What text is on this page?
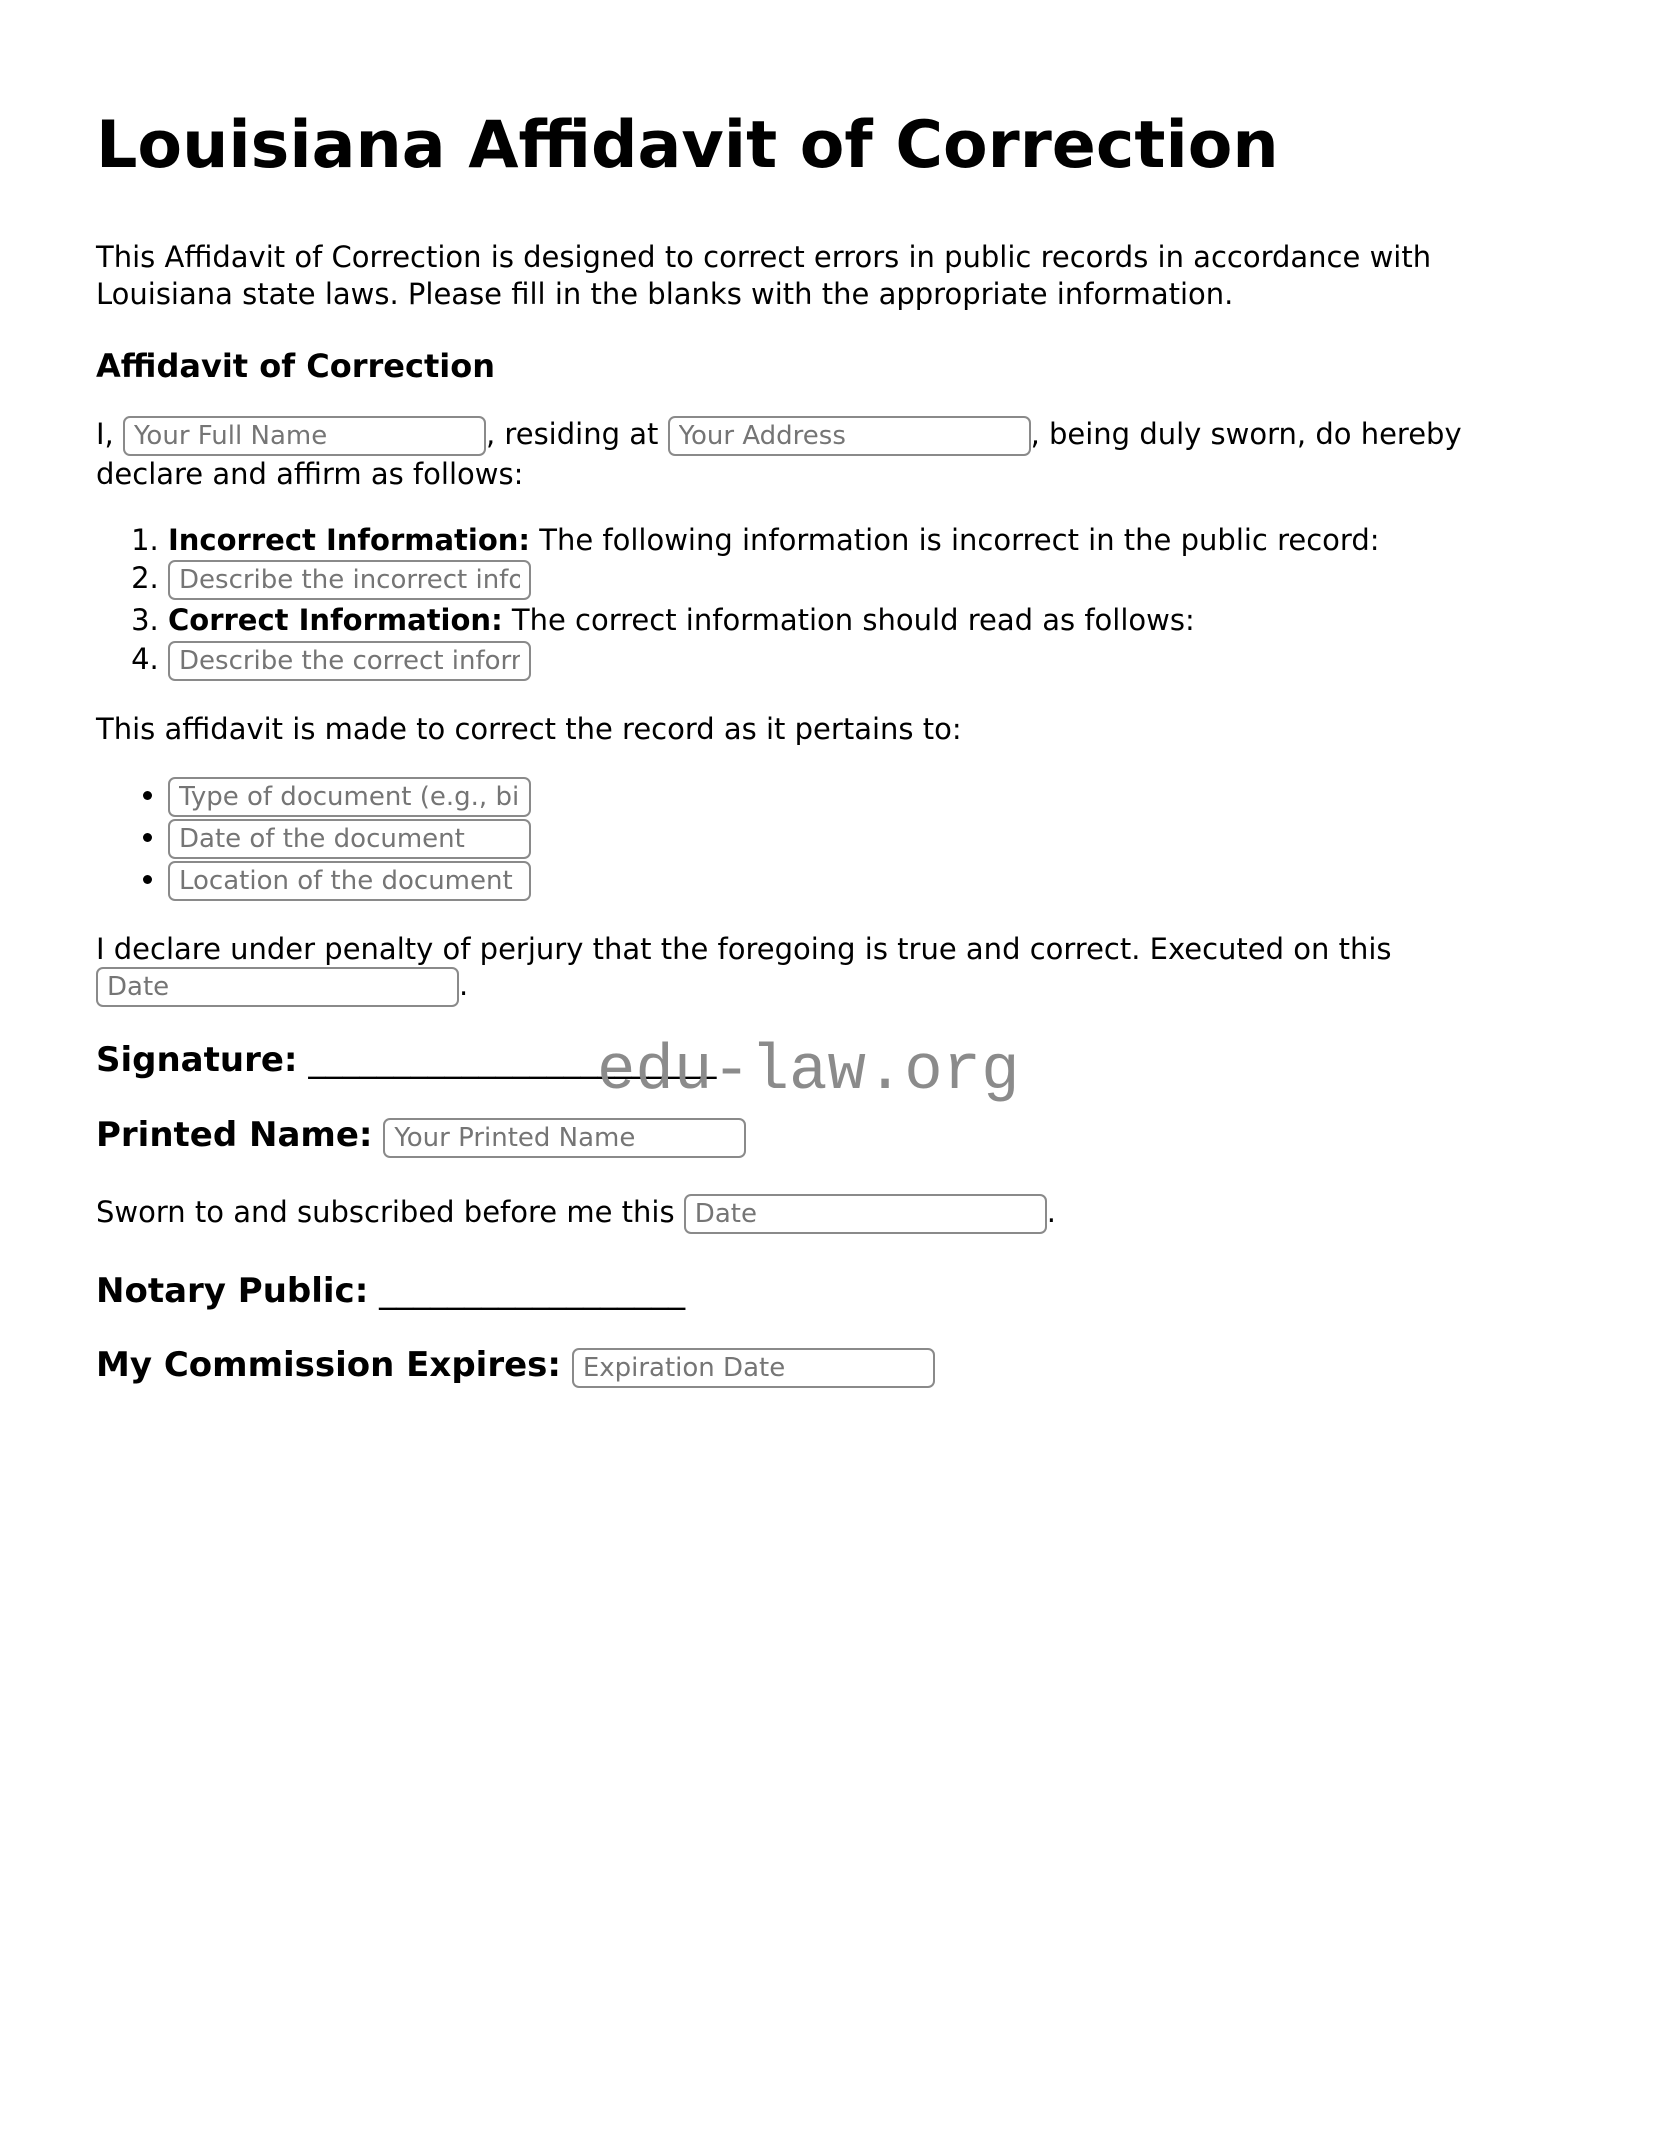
Louisiana Affidavit of Correction

This Affidavit of Correction is designed to correct errors in public records in accordance with Louisiana state laws. Please fill in the blanks with the appropriate information.

Affidavit of Correction

I, Your Full Name	, residing at Your Address	, being duly sworn, do hereby declare and affirm as follows:

1. Incorrect Information: The following information is incorrect in the public record:
2. Describe the incorrect information
3. Correct Information: The correct information should read as follows:
4. Describe the correct information

This affidavit is made to correct the record as it pertains to:

• Type of document (e.g., birth certificate)
• Date of the document
• Location of the document

I declare under penalty of perjury that the foregoing is true and correct. Executed on this Date.

edu-law.org

Signature: ________________________

Printed Name: Your Printed Name

Sworn to and subscribed before me this Date	.

Notary Public: __________________

My Commission Expires: Expiration Date
